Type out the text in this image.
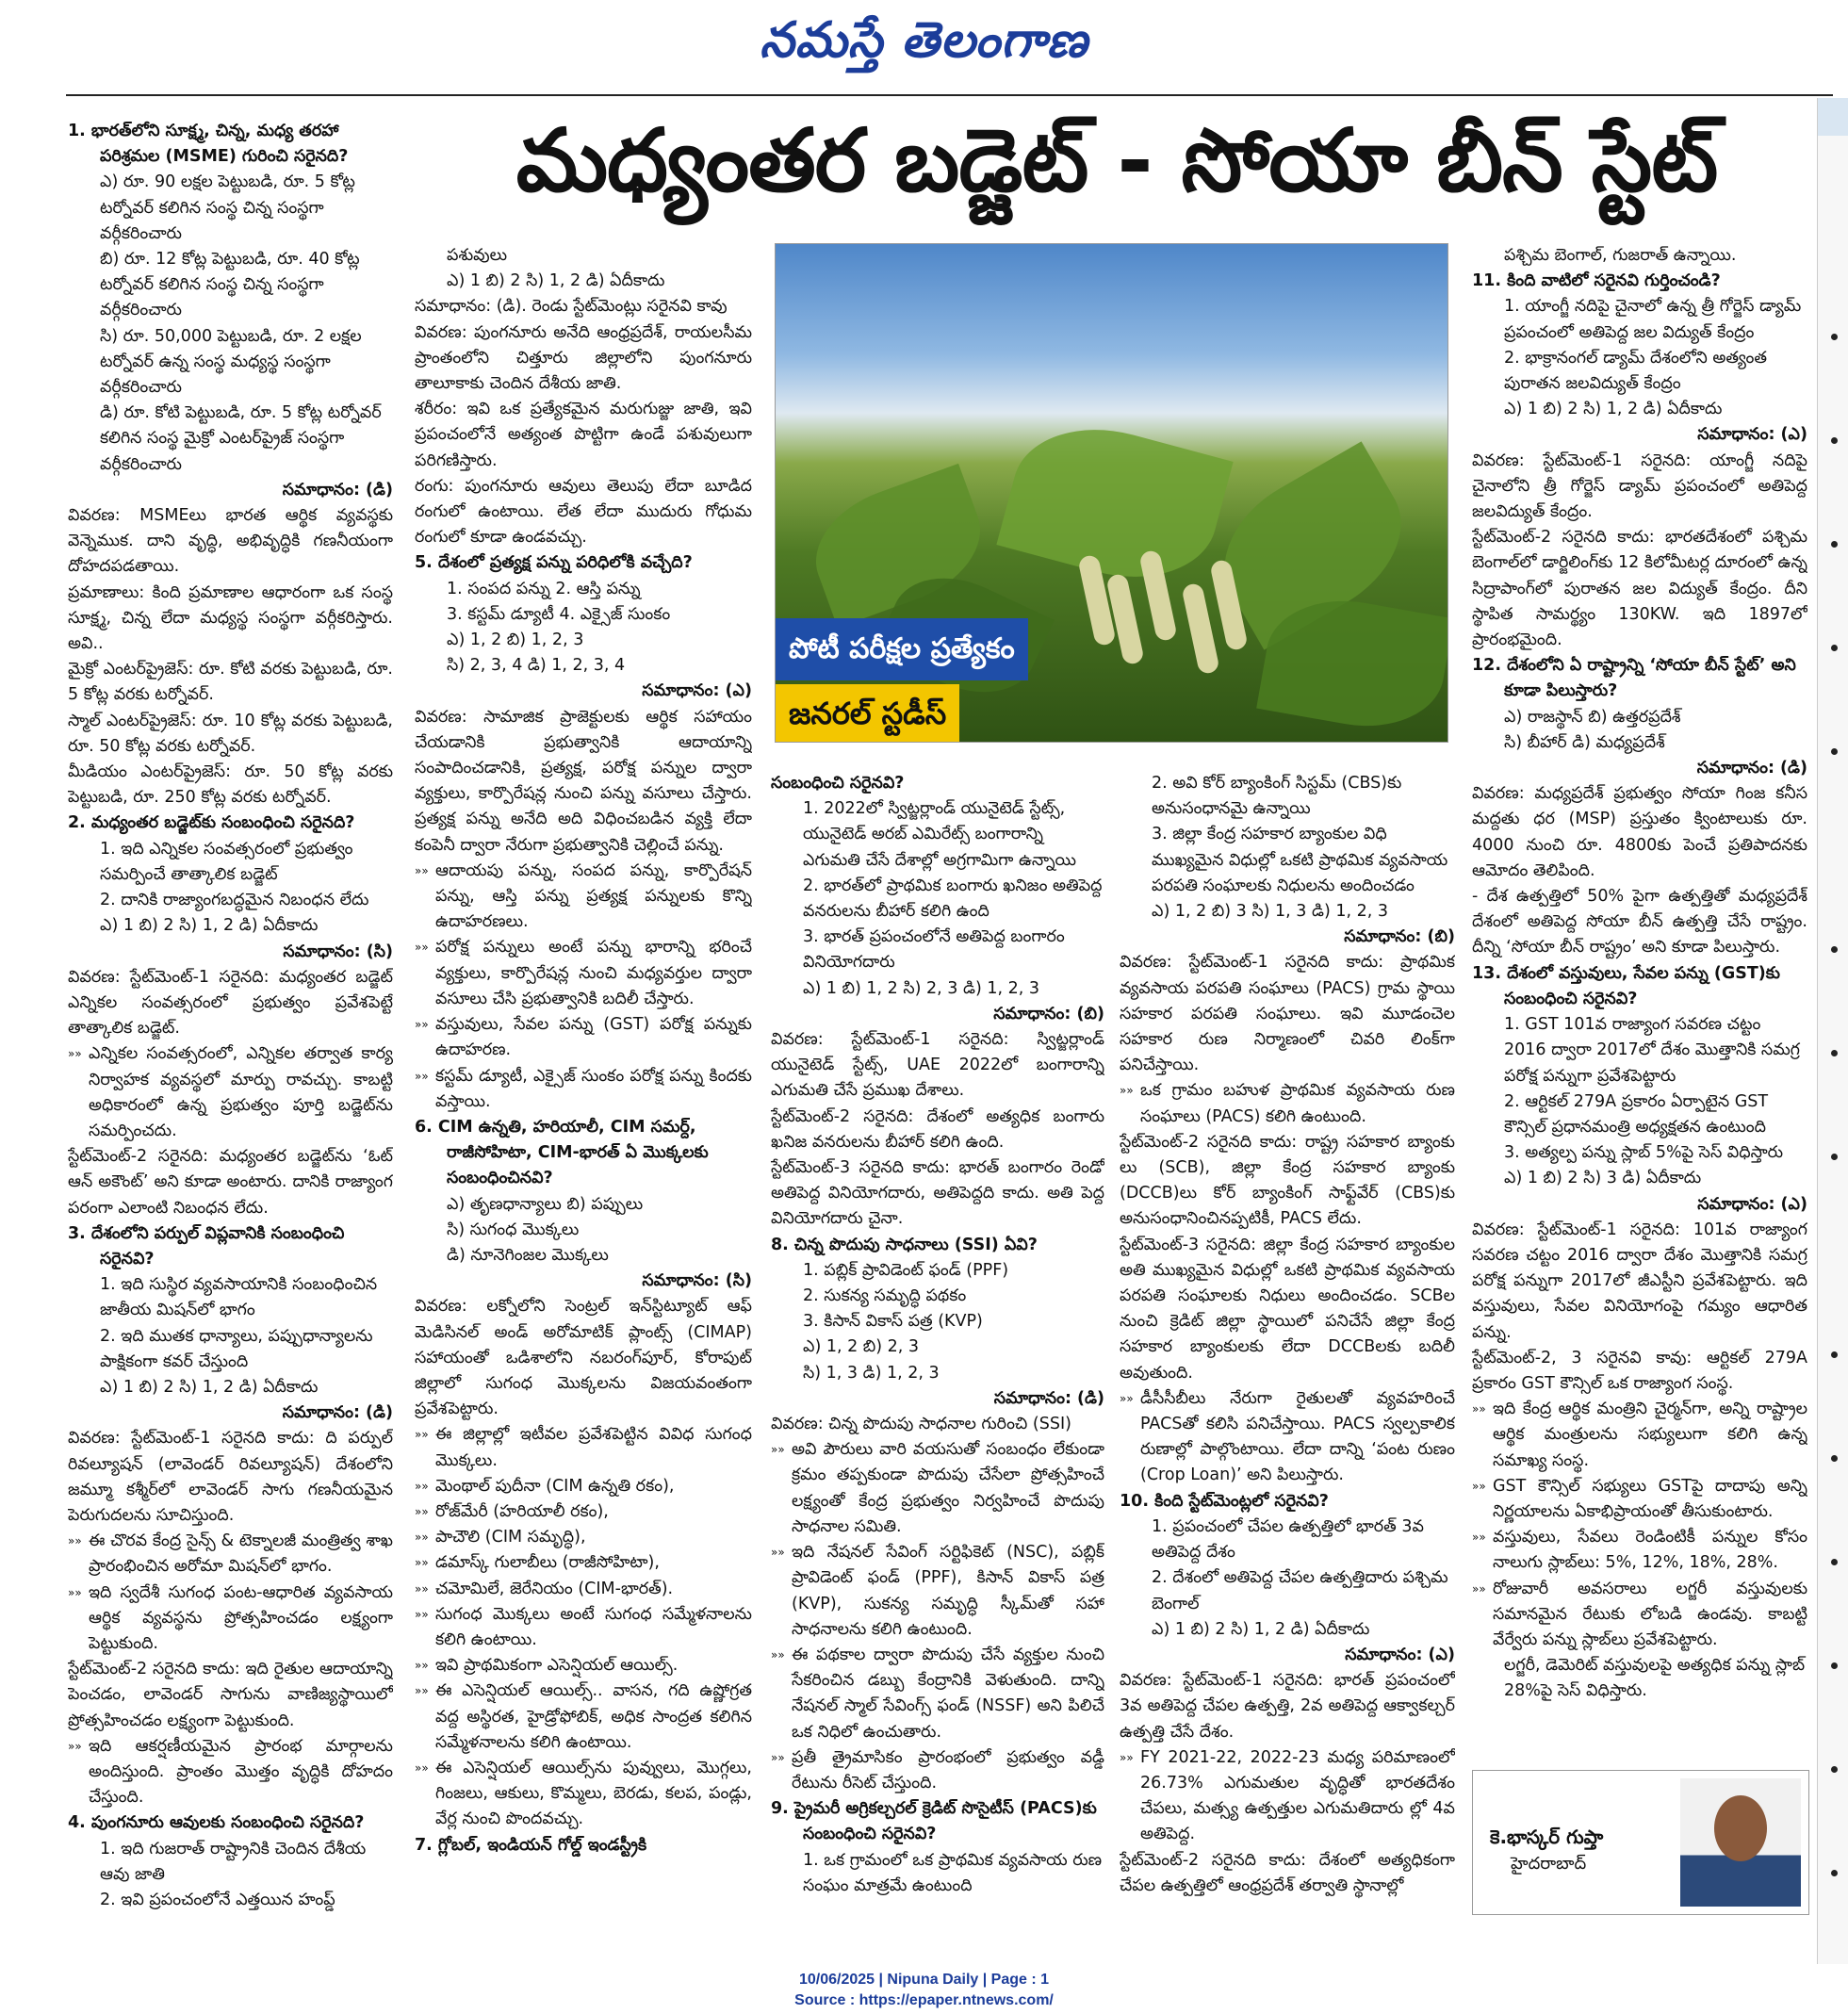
నమస్తే తెలంగాణ
మధ్యంతర బడ్జెట్ - సోయా బీన్ స్టేట్

1. భారత్‌లోని సూక్ష్మ, చిన్న, మధ్య తరహా పరిశ్రమల (MSME) గురించి సరైనది?

ఎ) రూ. 90 లక్షల పెట్టుబడి, రూ. 5 కోట్ల టర్నోవర్ కలిగిన సంస్థ చిన్న సంస్థగా వర్గీకరించారు

బి) రూ. 12 కోట్ల పెట్టుబడి, రూ. 40 కోట్ల టర్నోవర్ కలిగిన సంస్థ చిన్న సంస్థగా వర్గీకరించారు

సి) రూ. 50,000 పెట్టుబడి, రూ. 2 లక్షల టర్నోవర్ ఉన్న సంస్థ మధ్యస్థ సంస్థగా వర్గీకరించారు

డి) రూ. కోటి పెట్టుబడి, రూ. 5 కోట్ల టర్నోవర్ కలిగిన సంస్థ మైక్రో ఎంటర్‌ప్రైజ్ సంస్థగా వర్గీకరించారు

సమాధానం: (డి)

వివరణ: MSMEలు భారత ఆర్థిక వ్యవస్థకు వెన్నెముక. దాని వృద్ధి, అభివృద్ధికి గణనీయంగా దోహదపడతాయి.

ప్రమాణాలు: కింది ప్రమాణాల ఆధారంగా ఒక సంస్థ సూక్ష్మ, చిన్న లేదా మధ్యస్థ సంస్థగా వర్గీకరిస్తారు. అవి..

మైక్రో ఎంటర్‌ప్రైజెస్: రూ. కోటి వరకు పెట్టుబడి, రూ. 5 కోట్ల వరకు టర్నోవర్.

స్మాల్ ఎంటర్‌ప్రైజెస్: రూ. 10 కోట్ల వరకు పెట్టుబడి, రూ. 50 కోట్ల వరకు టర్నోవర్.

మీడియం ఎంటర్‌ప్రైజెస్: రూ. 50 కోట్ల వరకు పెట్టుబడి, రూ. 250 కోట్ల వరకు టర్నోవర్.

2. మధ్యంతర బడ్జెట్‌కు సంబంధించి సరైనది?

1. ఇది ఎన్నికల సంవత్సరంలో ప్రభుత్వం సమర్పించే తాత్కాలిక బడ్జెట్

2. దానికి రాజ్యాంగబద్ధమైన నిబంధన లేదు

ఎ) 1 బి) 2 సి) 1, 2 డి) ఏదీకాదు

సమాధానం: (సి)

వివరణ: స్టేట్‌మెంట్-1 సరైనది: మధ్యంతర బడ్జెట్ ఎన్నికల సంవత్సరంలో ప్రభుత్వం ప్రవేశపెట్టే తాత్కాలిక బడ్జెట్.

»» ఎన్నికల సంవత్సరంలో, ఎన్నికల తర్వాత కార్య నిర్వాహక వ్యవస్థలో మార్పు రావచ్చు. కాబట్టి అధికారంలో ఉన్న ప్రభుత్వం పూర్తి బడ్జెట్‌ను సమర్పించదు.

స్టేట్‌మెంట్-2 సరైనది: మధ్యంతర బడ్జెట్‌ను ‘ఓట్ ఆన్ అకౌంట్’ అని కూడా అంటారు. దానికి రాజ్యాంగ పరంగా ఎలాంటి నిబంధన లేదు.

3. దేశంలోని పర్పుల్ విప్లవానికి సంబంధించి సరైనవి?

1. ఇది సుస్థిర వ్యవసాయానికి సంబంధించిన జాతీయ మిషన్‌లో భాగం

2. ఇది ముతక ధాన్యాలు, పప్పుధాన్యాలను పాక్షికంగా కవర్ చేస్తుంది

ఎ) 1 బి) 2 సి) 1, 2 డి) ఏదీకాదు

సమాధానం: (డి)

వివరణ: స్టేట్‌మెంట్-1 సరైనది కాదు: ది పర్పుల్ రివల్యూషన్ (లావెండర్ రివల్యూషన్) దేశంలోని జమ్మూ కశ్మీర్‌లో లావెండర్ సాగు గణనీయమైన పెరుగుదలను సూచిస్తుంది.

»» ఈ చొరవ కేంద్ర సైన్స్ & టెక్నాలజీ మంత్రిత్వ శాఖ ప్రారంభించిన అరోమా మిషన్‌లో భాగం.

»» ఇది స్వదేశీ సుగంధ పంట-ఆధారిత వ్యవసాయ ఆర్థిక వ్యవస్థను ప్రోత్సహించడం లక్ష్యంగా పెట్టుకుంది.

స్టేట్‌మెంట్-2 సరైనది కాదు: ఇది రైతుల ఆదాయాన్ని పెంచడం, లావెండర్ సాగును వాణిజ్యస్థాయిలో ప్రోత్సహించడం లక్ష్యంగా పెట్టుకుంది.

»» ఇది ఆకర్షణీయమైన ప్రారంభ మార్గాలను అందిస్తుంది. ప్రాంతం మొత్తం వృద్ధికి దోహదం చేస్తుంది.

4. పుంగనూరు ఆవులకు సంబంధించి సరైనది?

1. ఇది గుజరాత్ రాష్ట్రానికి చెందిన దేశీయ ఆవు జాతి

2. ఇవి ప్రపంచంలోనే ఎత్తయిన హంప్డ్

పశువులు

ఎ) 1 బి) 2 సి) 1, 2 డి) ఏదీకాదు

సమాధానం: (డి). రెండు స్టేట్‌మెంట్లు సరైనవి కావు

వివరణ: పుంగనూరు అనేది ఆంధ్రప్రదేశ్, రాయలసీమ ప్రాంతంలోని చిత్తూరు జిల్లాలోని పుంగనూరు తాలూకాకు చెందిన దేశీయ జాతి.

శరీరం: ఇవి ఒక ప్రత్యేకమైన మరుగుజ్జు జాతి, ఇవి ప్రపంచంలోనే అత్యంత పొట్టిగా ఉండే పశువులుగా పరిగణిస్తారు.

రంగు: పుంగనూరు ఆవులు తెలుపు లేదా బూడిద రంగులో ఉంటాయి. లేత లేదా ముదురు గోధుమ రంగులో కూడా ఉండవచ్చు.

5. దేశంలో ప్రత్యక్ష పన్ను పరిధిలోకి వచ్చేది?

1. సంపద పన్ను 2. ఆస్తి పన్ను

3. కస్టమ్ డ్యూటీ 4. ఎక్సైజ్ సుంకం

ఎ) 1, 2 బి) 1, 2, 3

సి) 2, 3, 4 డి) 1, 2, 3, 4

సమాధానం: (ఎ)

వివరణ: సామాజిక ప్రాజెక్టులకు ఆర్థిక సహాయం చేయడానికి ప్రభుత్వానికి ఆదాయాన్ని సంపాదించడానికి, ప్రత్యక్ష, పరోక్ష పన్నుల ద్వారా వ్యక్తులు, కార్పొరేషన్ల నుంచి పన్ను వసూలు చేస్తారు. ప్రత్యక్ష పన్ను అనేది అది విధించబడిన వ్యక్తి లేదా కంపెనీ ద్వారా నేరుగా ప్రభుత్వానికి చెల్లించే పన్ను.

»» ఆదాయపు పన్ను, సంపద పన్ను, కార్పొరేషన్ పన్ను, ఆస్తి పన్ను ప్రత్యక్ష పన్నులకు కొన్ని ఉదాహరణలు.

»» పరోక్ష పన్నులు అంటే పన్ను భారాన్ని భరించే వ్యక్తులు, కార్పొరేషన్ల నుంచి మధ్యవర్తుల ద్వారా వసూలు చేసి ప్రభుత్వానికి బదిలీ చేస్తారు.

»» వస్తువులు, సేవల పన్ను (GST) పరోక్ష పన్నుకు ఉదాహరణ.

»» కస్టమ్ డ్యూటీ, ఎక్సైజ్ సుంకం పరోక్ష పన్ను కిందకు వస్తాయి.

6. CIM ఉన్నతి, హరియాలీ, CIM సమర్ద్, రాజీసోహిటా, CIM-భారత్ ఏ మొక్కలకు సంబంధించినవి?

ఎ) తృణధాన్యాలు బి) పప్పులు

సి) సుగంధ మొక్కలు

డి) నూనెగింజల మొక్కలు

సమాధానం: (సి)

వివరణ: లక్నోలోని సెంట్రల్ ఇన్‌స్టిట్యూట్ ఆఫ్ మెడిసినల్ అండ్ అరోమాటిక్ ప్లాంట్స్ (CIMAP) సహాయంతో ఒడిశాలోని నబరంగ్‌పూర్, కోరాపుట్ జిల్లాలో సుగంధ మొక్కలను విజయవంతంగా ప్రవేశపెట్టారు.

»» ఈ జిల్లాల్లో ఇటీవల ప్రవేశపెట్టిన వివిధ సుగంధ మొక్కలు.

»» మెంథాల్ పుదీనా (CIM ఉన్నతి రకం),

»» రోజ్‌మేరీ (హరియాలీ రకం),

»» పాచౌలి (CIM సమృద్ధి),

»» డమాస్క్ గులాబీలు (రాజీసోహిటా),

»» చమోమిలే, జెరేనియం (CIM-భారత్).

»» సుగంధ మొక్కలు అంటే సుగంధ సమ్మేళనాలను కలిగి ఉంటాయి.

»» ఇవి ప్రాథమికంగా ఎసెన్షియల్ ఆయిల్స్.

»» ఈ ఎసెన్షియల్ ఆయిల్స్.. వాసన, గది ఉష్ణోగ్రత వద్ద అస్థిరత, హైడ్రోఫోబిక్, అధిక సాంద్రత కలిగిన సమ్మేళనాలను కలిగి ఉంటాయి.

»» ఈ ఎసెన్షియల్ ఆయిల్స్‌ను పువ్వులు, మొగ్గలు, గింజలు, ఆకులు, కొమ్మలు, బెరడు, కలప, పండ్లు, వేర్ల నుంచి పొందవచ్చు.

7. గ్లోబల్, ఇండియన్ గోల్డ్ ఇండస్ట్రీకి

పోటీ పరీక్షల ప్రత్యేకం
జనరల్ స్టడీస్

సంబంధించి సరైనవి?

1. 2022లో స్విట్జర్లాండ్ యునైటెడ్ స్టేట్స్, యునైటెడ్ అరబ్ ఎమిరేట్స్ బంగారాన్ని ఎగుమతి చేసే దేశాల్లో అగ్రగామిగా ఉన్నాయి

2. భారత్‌లో ప్రాథమిక బంగారు ఖనిజం అతిపెద్ద వనరులను బీహార్ కలిగి ఉంది

3. భారత్ ప్రపంచంలోనే అతిపెద్ద బంగారం వినియోగదారు

ఎ) 1 బి) 1, 2 సి) 2, 3 డి) 1, 2, 3

సమాధానం: (బి)

వివరణ: స్టేట్‌మెంట్-1 సరైనది: స్విట్జర్లాండ్ యునైటెడ్ స్టేట్స్, UAE 2022లో బంగారాన్ని ఎగుమతి చేసే ప్రముఖ దేశాలు.

స్టేట్‌మెంట్-2 సరైనది: దేశంలో అత్యధిక బంగారు ఖనిజ వనరులను బీహార్ కలిగి ఉంది.

స్టేట్‌మెంట్-3 సరైనది కాదు: భారత్ బంగారం రెండో అతిపెద్ద వినియోగదారు, అతిపెద్దది కాదు. అతి పెద్ద వినియోగదారు చైనా.

8. చిన్న పొదుపు సాధనాలు (SSI) ఏవి?

1. పబ్లిక్ ప్రావిడెంట్ ఫండ్ (PPF)

2. సుకన్య సమృద్ధి పథకం

3. కిసాన్ వికాస్ పత్ర (KVP)

ఎ) 1, 2 బి) 2, 3

సి) 1, 3 డి) 1, 2, 3

సమాధానం: (డి)

వివరణ: చిన్న పొదుపు సాధనాల గురించి (SSI)

»» అవి పౌరులు వారి వయసుతో సంబంధం లేకుండా క్రమం తప్పకుండా పొదుపు చేసేలా ప్రోత్సహించే లక్ష్యంతో కేంద్ర ప్రభుత్వం నిర్వహించే పొదుపు సాధనాల సమితి.

»» ఇది నేషనల్ సేవింగ్ సర్టిఫికెట్ (NSC), పబ్లిక్ ప్రావిడెంట్ ఫండ్ (PPF), కిసాన్ వికాస్ పత్ర (KVP), సుకన్య సమృద్ధి స్కీమ్‌తో సహా సాధనాలను కలిగి ఉంటుంది.

»» ఈ పథకాల ద్వారా పొదుపు చేసే వ్యక్తుల నుంచి సేకరించిన డబ్బు కేంద్రానికి వెళుతుంది. దాన్ని నేషనల్ స్మాల్ సేవింగ్స్ ఫండ్ (NSSF) అని పిలిచే ఒక నిధిలో ఉంచుతారు.

»» ప్రతీ త్రైమాసికం ప్రారంభంలో ప్రభుత్వం వడ్డీ రేటును రీసెట్ చేస్తుంది.

9. ప్రైమరీ అగ్రికల్చరల్ క్రెడిట్ సొసైటీస్ (PACS)కు సంబంధించి సరైనవి?

1. ఒక గ్రామంలో ఒక ప్రాథమిక వ్యవసాయ రుణ సంఘం మాత్రమే ఉంటుంది

2. అవి కోర్ బ్యాంకింగ్ సిస్టమ్ (CBS)కు అనుసంధానమై ఉన్నాయి

3. జిల్లా కేంద్ర సహకార బ్యాంకుల విధి ముఖ్యమైన విధుల్లో ఒకటి ప్రాథమిక వ్యవసాయ పరపతి సంఘాలకు నిధులను అందించడం

ఎ) 1, 2 బి) 3 సి) 1, 3 డి) 1, 2, 3

సమాధానం: (బి)

వివరణ: స్టేట్‌మెంట్-1 సరైనది కాదు: ప్రాథమిక వ్యవసాయ పరపతి సంఘాలు (PACS) గ్రామ స్థాయి సహకార పరపతి సంఘాలు. ఇవి మూడంచెల సహకార రుణ నిర్మాణంలో చివరి లింక్‌గా పనిచేస్తాయి.

»» ఒక గ్రామం బహుళ ప్రాథమిక వ్యవసాయ రుణ సంఘాలు (PACS) కలిగి ఉంటుంది.

స్టేట్‌మెంట్-2 సరైనది కాదు: రాష్ట్ర సహకార బ్యాంకు లు (SCB), జిల్లా కేంద్ర సహకార బ్యాంకు (DCCB)లు కోర్ బ్యాంకింగ్ సాఫ్ట్‌వేర్ (CBS)కు అనుసంధానించినప్పటికీ, PACS లేదు.

స్టేట్‌మెంట్-3 సరైనది: జిల్లా కేంద్ర సహకార బ్యాంకుల అతి ముఖ్యమైన విధుల్లో ఒకటి ప్రాథమిక వ్యవసాయ పరపతి సంఘాలకు నిధులు అందించడం. SCBల నుంచి క్రెడిట్ జిల్లా స్థాయిలో పనిచేసే జిల్లా కేంద్ర సహకార బ్యాంకులకు లేదా DCCBలకు బదిలీ అవుతుంది.

»» డీసీసీబీలు నేరుగా రైతులతో వ్యవహరించే PACSతో కలిసి పనిచేస్తాయి. PACS స్వల్పకాలిక రుణాల్లో పాల్గొంటాయి. లేదా దాన్ని ‘పంట రుణం (Crop Loan)’ అని పిలుస్తారు.

10. కింది స్టేట్‌మెంట్లలో సరైనవి?

1. ప్రపంచంలో చేపల ఉత్పత్తిలో భారత్ 3వ అతిపెద్ద దేశం

2. దేశంలో అతిపెద్ద చేపల ఉత్పత్తిదారు పశ్చిమ బెంగాల్

ఎ) 1 బి) 2 సి) 1, 2 డి) ఏదీకాదు

సమాధానం: (ఎ)

వివరణ: స్టేట్‌మెంట్-1 సరైనది: భారత్ ప్రపంచంలో 3వ అతిపెద్ద చేపల ఉత్పత్తి, 2వ అతిపెద్ద ఆక్వాకల్చర్ ఉత్పత్తి చేసే దేశం.

»» FY 2021-22, 2022-23 మధ్య పరిమాణంలో 26.73% ఎగుమతుల వృద్ధితో భారతదేశం చేపలు, మత్స్య ఉత్పత్తుల ఎగుమతిదారు ల్లో 4వ అతిపెద్ద.

స్టేట్‌మెంట్-2 సరైనది కాదు: దేశంలో అత్యధికంగా చేపల ఉత్పత్తిలో ఆంధ్రప్రదేశ్ తర్వాతి స్థానాల్లో

పశ్చిమ బెంగాల్, గుజరాత్ ఉన్నాయి.

11. కింది వాటిలో సరైనవి గుర్తించండి?

1. యాంగ్జీ నదిపై చైనాలో ఉన్న త్రీ గోర్జెస్ డ్యామ్ ప్రపంచంలో అతిపెద్ద జల విద్యుత్ కేంద్రం

2. భాక్రానంగల్ డ్యామ్ దేశంలోని అత్యంత పురాతన జలవిద్యుత్ కేంద్రం

ఎ) 1 బి) 2 సి) 1, 2 డి) ఏదీకాదు

సమాధానం: (ఎ)

వివరణ: స్టేట్‌మెంట్-1 సరైనది: యాంగ్జీ నదిపై చైనాలోని త్రీ గోర్జెస్ డ్యామ్ ప్రపంచంలో అతిపెద్ద జలవిద్యుత్ కేంద్రం.

స్టేట్‌మెంట్-2 సరైనది కాదు: భారతదేశంలో పశ్చిమ బెంగాల్‌లో డార్జిలింగ్‌కు 12 కిలోమీటర్ల దూరంలో ఉన్న సిద్రాపాంగ్‌లో పురాతన జల విద్యుత్ కేంద్రం. దీని స్థాపిత సామర్థ్యం 130KW. ఇది 1897లో ప్రారంభమైంది.

12. దేశంలోని ఏ రాష్ట్రాన్ని ‘సోయా బీన్ స్టేట్’ అని కూడా పిలుస్తారు?

ఎ) రాజస్థాన్ బి) ఉత్తరప్రదేశ్

సి) బీహార్ డి) మధ్యప్రదేశ్

సమాధానం: (డి)

వివరణ: మధ్యప్రదేశ్ ప్రభుత్వం సోయా గింజ కనీస మద్దతు ధర (MSP) ప్రస్తుతం క్వింటాలుకు రూ. 4000 నుంచి రూ. 4800కు పెంచే ప్రతిపాదనకు ఆమోదం తెలిపింది.

- దేశ ఉత్పత్తిలో 50% పైగా ఉత్పత్తితో మధ్యప్రదేశ్ దేశంలో అతిపెద్ద సోయా బీన్ ఉత్పత్తి చేసే రాష్ట్రం. దీన్ని ‘సోయా బీన్ రాష్ట్రం’ అని కూడా పిలుస్తారు.

13. దేశంలో వస్తువులు, సేవల పన్ను (GST)కు సంబంధించి సరైనవి?

1. GST 101వ రాజ్యాంగ సవరణ చట్టం 2016 ద్వారా 2017లో దేశం మొత్తానికి సమగ్ర పరోక్ష పన్నుగా ప్రవేశపెట్టారు

2. ఆర్టికల్ 279A ప్రకారం ఏర్పాటైన GST కౌన్సిల్ ప్రధానమంత్రి అధ్యక్షతన ఉంటుంది

3. అత్యల్ప పన్ను స్లాబ్ 5%పై సెస్ విధిస్తారు

ఎ) 1 బి) 2 సి) 3 డి) ఏదీకాదు

సమాధానం: (ఎ)

వివరణ: స్టేట్‌మెంట్-1 సరైనది: 101వ రాజ్యాంగ సవరణ చట్టం 2016 ద్వారా దేశం మొత్తానికి సమగ్ర పరోక్ష పన్నుగా 2017లో జీఎస్టీని ప్రవేశపెట్టారు. ఇది వస్తువులు, సేవల వినియోగంపై గమ్యం ఆధారిత పన్ను.

స్టేట్‌మెంట్-2, 3 సరైనవి కావు: ఆర్టికల్ 279A ప్రకారం GST కౌన్సిల్ ఒక రాజ్యాంగ సంస్థ.

»» ఇది కేంద్ర ఆర్థిక మంత్రిని చైర్మన్‌గా, అన్ని రాష్ట్రాల ఆర్థిక మంత్రులను సభ్యులుగా కలిగి ఉన్న సమాఖ్య సంస్థ.

»» GST కౌన్సిల్ సభ్యులు GSTపై దాదాపు అన్ని నిర్ణయాలను ఏకాభిప్రాయంతో తీసుకుంటారు.

»» వస్తువులు, సేవలు రెండింటికీ పన్నుల కోసం నాలుగు స్లాబ్‌లు: 5%, 12%, 18%, 28%.

»» రోజువారీ అవసరాలు లగ్జరీ వస్తువులకు సమానమైన రేటుకు లోబడి ఉండవు. కాబట్టి వేర్వేరు పన్ను స్లాబ్‌లు ప్రవేశపెట్టారు.

లగ్జరీ, డెమెరిట్ వస్తువులపై అత్యధిక పన్ను స్లాబ్ 28%పై సెస్ విధిస్తారు.

కె.భాస్కర్ గుప్తా
హైదరాబాద్
10/06/2025 | Nipuna Daily | Page : 1
Source : https://epaper.ntnews.com/
